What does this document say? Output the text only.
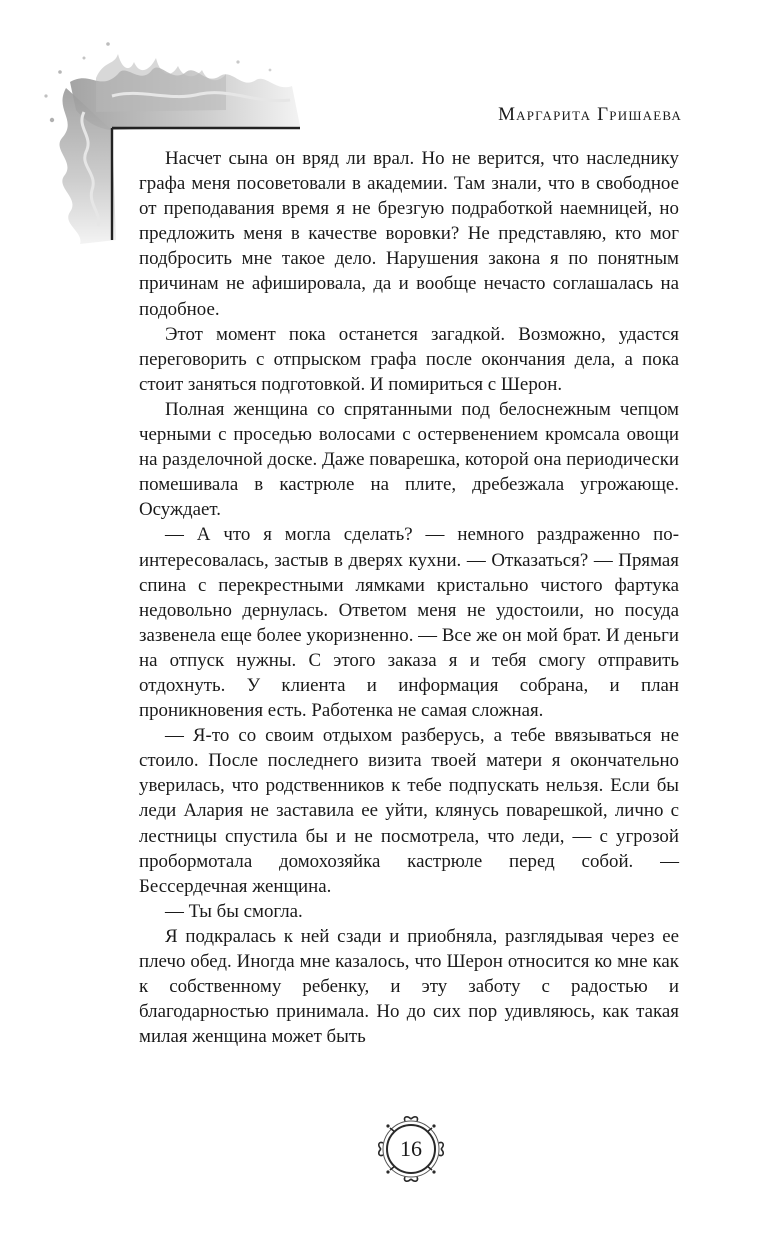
Маргарита Гришаева

Насчет сына он вряд ли врал. Но не верится, что наследнику графа меня посоветовали в академии. Там знали, что в свободное от преподавания время я не брезгую подработкой наемницей, но предложить меня в качестве воровки? Не представляю, кто мог подбросить мне такое дело. Нарушения закона я по понятным причинам не афишировала, да и вообще нечасто соглашалась на подобное.

Этот момент пока останется загадкой. Возможно, удастся переговорить с отпрыском графа после окончания дела, а пока стоит заняться подготовкой. И помириться с Шерон.

Полная женщина со спрятанными под белоснежным чепцом черными с проседью волосами с остервенением кромсала овощи на разделочной доске. Даже поварешка, которой она периодически помешивала в кастрюле на плите, дребезжала угрожающе. Осуждает.

— А что я могла сделать? — немного раздраженно поинтересовалась, застыв в дверях кухни. — Отказаться? — Прямая спина с перекрестными лямками кристально чистого фартука недовольно дернулась. Ответом меня не удостоили, но посуда зазвенела еще более укоризненно. — Все же он мой брат. И деньги на отпуск нужны. С этого заказа я и тебя смогу отправить отдохнуть. У клиента и информация собрана, и план проникновения есть. Работенка не самая сложная.

— Я-то со своим отдыхом разберусь, а тебе ввязываться не стоило. После последнего визита твоей матери я окончательно уверилась, что родственников к тебе подпускать нельзя. Если бы леди Алария не заставила ее уйти, клянусь поварешкой, лично с лестницы спустила бы и не посмотрела, что леди, — с угрозой пробормотала домохозяйка кастрюле перед собой. — Бессердечная женщина.

— Ты бы смогла.

Я подкралась к ней сзади и приобняла, разглядывая через ее плечо обед. Иногда мне казалось, что Шерон относится ко мне как к собственному ребенку, и эту заботу с радостью и благодарностью принимала. Но до сих пор удивляюсь, как такая милая женщина может быть

16
